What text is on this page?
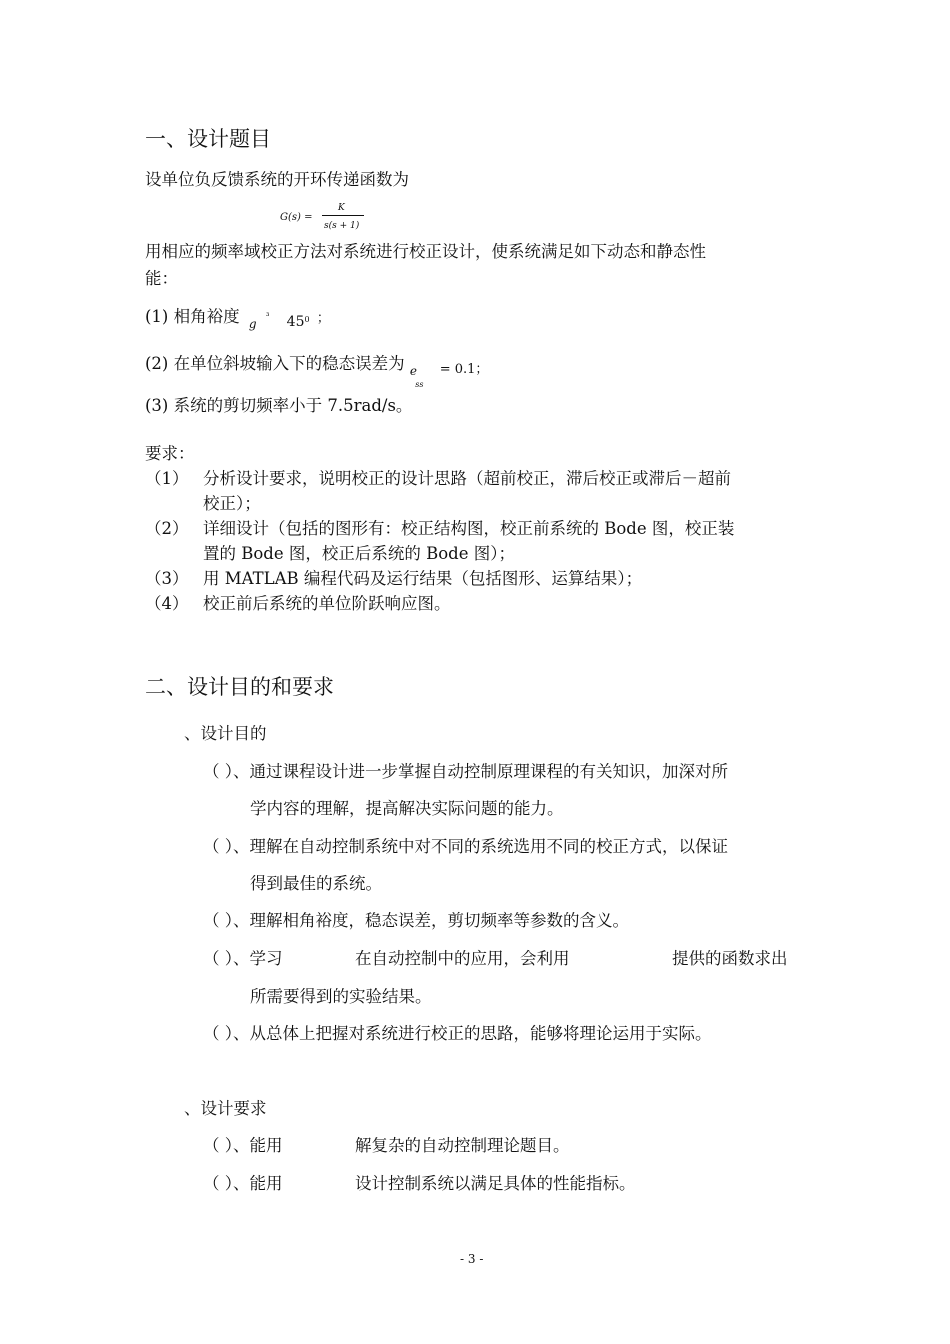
一、设计题目
设单位负反馈系统的开环传递函数为
G(s) =
K
s(s + 1)
用相应的频率域校正方法对系统进行校正设计，使系统满足如下动态和静态性
能：
(1) 相角裕度 $_g$ ³ $_{45}$0 ；
(2) 在单位斜坡输入下的稳态误差为 $_e$ $_{ss}$ $_{= 0.1;}$
(3) 系统的剪切频率小于 7.5rad/s。
要求：
（1） 分析设计要求，说明校正的设计思路（超前校正，滞后校正或滞后－超前
校正）；
（2） 详细设计（包括的图形有：校正结构图，校正前系统的 Bode 图，校正装
置的 Bode 图，校正后系统的 Bode 图）；
（3） 用 MATLAB 编程代码及运行结果（包括图形、运算结果）；
（4） 校正前后系统的单位阶跃响应图。
二、设计目的和要求
、设计目的
（ ）、通过课程设计进一步掌握自动控制原理课程的有关知识，加深对所
学内容的理解，提高解决实际问题的能力。
（ ）、理解在自动控制系统中对不同的系统选用不同的校正方式，以保证
得到最佳的系统。
（ ）、理解相角裕度，稳态误差，剪切频率等参数的含义。
（ ）、学习	在自动控制中的应用，会利用	提供的函数求出
所需要得到的实验结果。
（ ）、从总体上把握对系统进行校正的思路，能够将理论运用于实际。
、设计要求
（ ）、能用	解复杂的自动控制理论题目。
（ ）、能用	设计控制系统以满足具体的性能指标。
- 3 -
